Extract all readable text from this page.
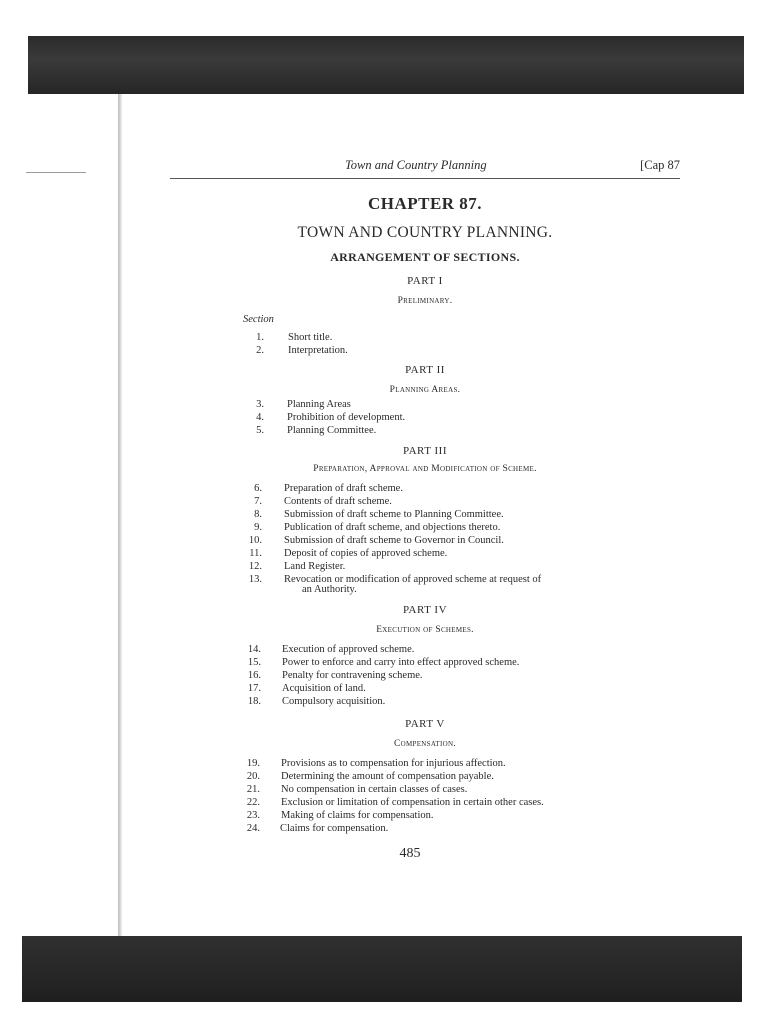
Town and Country Planning	[Cap 87
CHAPTER 87.
TOWN AND COUNTRY PLANNING.
ARRANGEMENT OF SECTIONS.
PART I
Preliminary.
Section
1. Short title.
2. Interpretation.
PART II
Planning Areas.
3. Planning Areas
4. Prohibition of development.
5. Planning Committee.
PART III
Preparation, Approval and Modification of Scheme.
6. Preparation of draft scheme.
7. Contents of draft scheme.
8. Submission of draft scheme to Planning Committee.
9. Publication of draft scheme, and objections thereto.
10. Submission of draft scheme to Governor in Council.
11. Deposit of copies of approved scheme.
12. Land Register.
13. Revocation or modification of approved scheme at request of
an Authority.
PART IV
Execution of Schemes.
14. Execution of approved scheme.
15. Power to enforce and carry into effect approved scheme.
16. Penalty for contravening scheme.
17. Acquisition of land.
18. Compulsory acquisition.
PART V
Compensation.
19. Provisions as to compensation for injurious affection.
20. Determining the amount of compensation payable.
21. No compensation in certain classes of cases.
22. Exclusion or limitation of compensation in certain other cases.
23. Making of claims for compensation.
24. Claims for compensation.
485
